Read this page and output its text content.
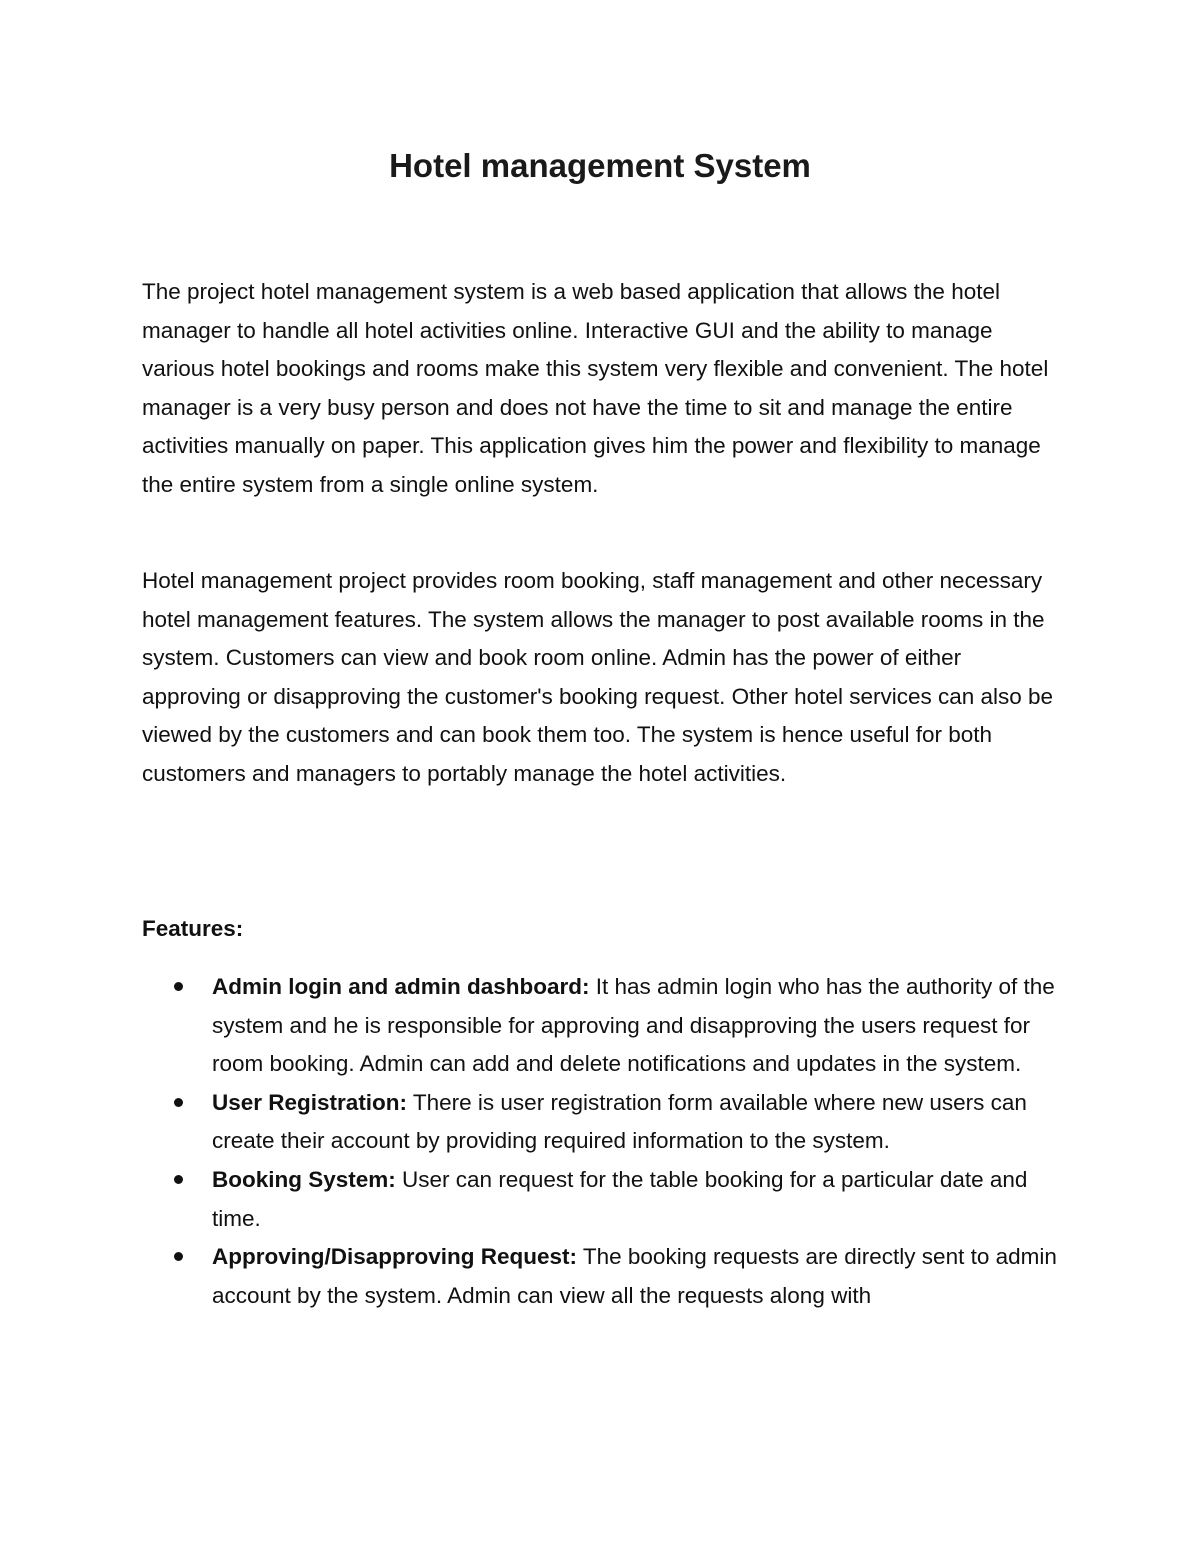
Hotel management System

The project hotel management system is a web based application that allows the hotel manager to handle all hotel activities online. Interactive GUI and the ability to manage various hotel bookings and rooms make this system very flexible and convenient. The hotel manager is a very busy person and does not have the time to sit and manage the entire activities manually on paper. This application gives him the power and flexibility to manage the entire system from a single online system.

Hotel management project provides room booking, staff management and other necessary hotel management features. The system allows the manager to post available rooms in the system. Customers can view and book room online. Admin has the power of either approving or disapproving the customer's booking request. Other hotel services can also be viewed by the customers and can book them too. The system is hence useful for both customers and managers to portably manage the hotel activities.

Features:

Admin login and admin dashboard: It has admin login who has the authority of the system and he is responsible for approving and disapproving the users request for room booking. Admin can add and delete notifications and updates in the system.
User Registration: There is user registration form available where new users can create their account by providing required information to the system.
Booking System: User can request for the table booking for a particular date and time.
Approving/Disapproving Request: The booking requests are directly sent to admin account by the system. Admin can view all the requests along with
